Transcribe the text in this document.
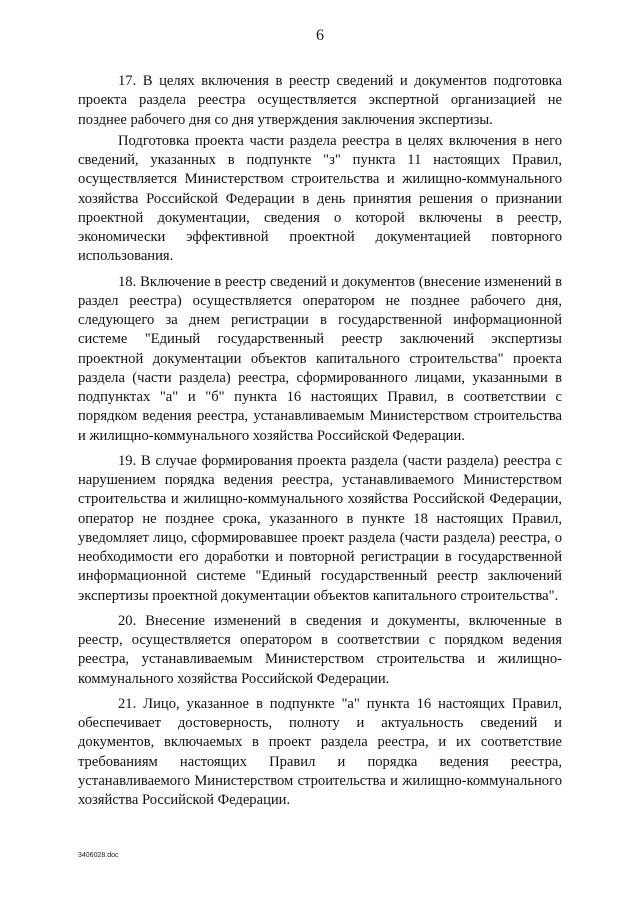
6

17. В целях включения в реестр сведений и документов подготовка проекта раздела реестра осуществляется экспертной организацией не позднее рабочего дня со дня утверждения заключения экспертизы.

Подготовка проекта части раздела реестра в целях включения в него сведений, указанных в подпункте "з" пункта 11 настоящих Правил, осуществляется Министерством строительства и жилищно-коммунального хозяйства Российской Федерации в день принятия решения о признании проектной документации, сведения о которой включены в реестр, экономически эффективной проектной документацией повторного использования.

18. Включение в реестр сведений и документов (внесение изменений в раздел реестра) осуществляется оператором не позднее рабочего дня, следующего за днем регистрации в государственной информационной системе "Единый государственный реестр заключений экспертизы проектной документации объектов капитального строительства" проекта раздела (части раздела) реестра, сформированного лицами, указанными в подпунктах "а" и "б" пункта 16 настоящих Правил, в соответствии с порядком ведения реестра, устанавливаемым Министерством строительства и жилищно-коммунального хозяйства Российской Федерации.

19. В случае формирования проекта раздела (части раздела) реестра с нарушением порядка ведения реестра, устанавливаемого Министерством строительства и жилищно-коммунального хозяйства Российской Федерации, оператор не позднее срока, указанного в пункте 18 настоящих Правил, уведомляет лицо, сформировавшее проект раздела (части раздела) реестра, о необходимости его доработки и повторной регистрации в государственной информационной системе "Единый государственный реестр заключений экспертизы проектной документации объектов капитального строительства".

20. Внесение изменений в сведения и документы, включенные в реестр, осуществляется оператором в соответствии с порядком ведения реестра, устанавливаемым Министерством строительства и жилищно-коммунального хозяйства Российской Федерации.

21. Лицо, указанное в подпункте "а" пункта 16 настоящих Правил, обеспечивает достоверность, полноту и актуальность сведений и документов, включаемых в проект раздела реестра, и их соответствие требованиям настоящих Правил и порядка ведения реестра, устанавливаемого Министерством строительства и жилищно-коммунального хозяйства Российской Федерации.

3406028.doc
